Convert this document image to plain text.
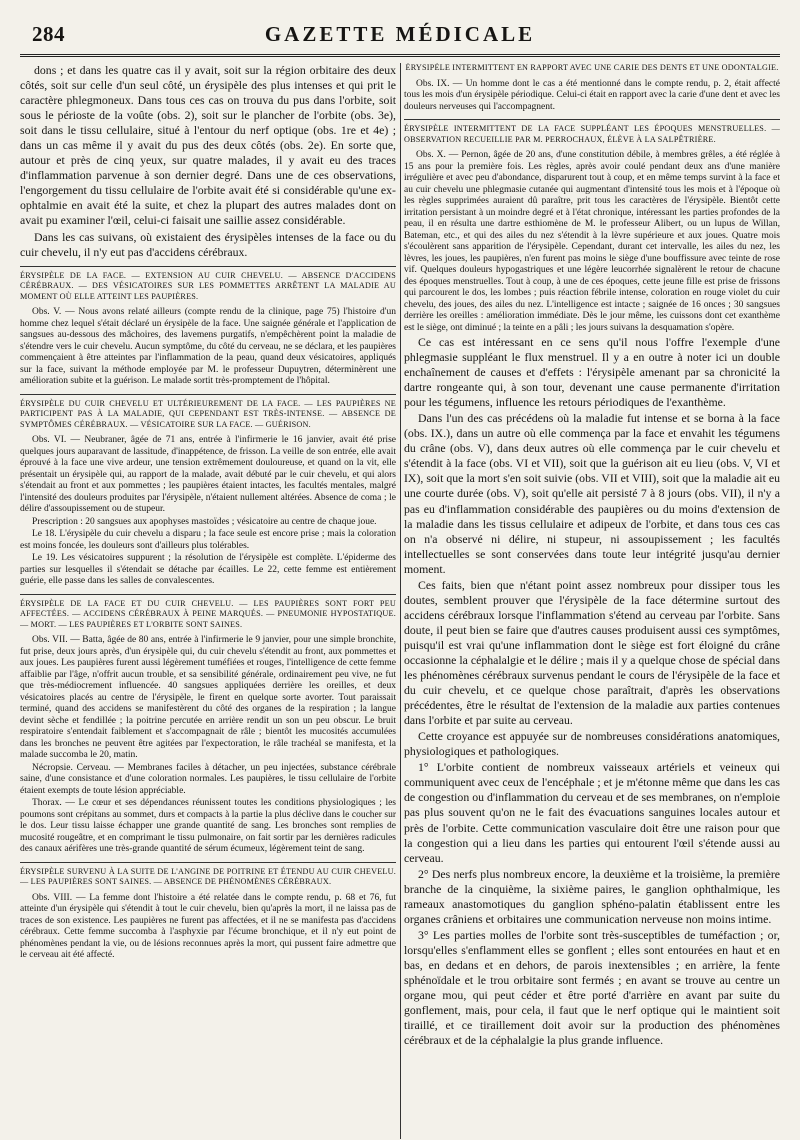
284	GAZETTE MÉDICALE

dons ; et dans les quatre cas il y avait, soit sur la région orbitaire des deux côtés, soit sur celle d'un seul côté, un érysipèle des plus intenses et qui prit le caractère phlegmoneux. Dans tous ces cas on trouva du pus dans l'orbite, soit sous le périoste de la voûte (obs. 2), soit sur le plancher de l'orbite (obs. 3e), soit dans le tissu cellulaire, situé à l'entour du nerf optique (obs. 1re et 4e) ; dans un cas même il y avait du pus des deux côtés (obs. 2e). En sorte que, autour et près de cinq yeux, sur quatre malades, il y avait eu des traces d'inflammation parvenue à son dernier degré. Dans une de ces observations, l'engorgement du tissu cellulaire de l'orbite avait été si considérable qu'une ex-ophtalmie en avait été la suite, et chez la plupart des autres malades dont on avait pu examiner l'œil, celui-ci faisait une saillie assez considérable.

Dans les cas suivans, où existaient des érysipèles intenses de la face ou du cuir chevelu, il n'y eut pas d'accidens cérébraux.

ÉRYSIPÈLE DE LA FACE. — EXTENSION AU CUIR CHEVELU. — ABSENCE D'ACCIDENS CÉRÉBRAUX. — DES VÉSICATOIRES SUR LES POMMETTES ARRÊTENT LA MALADIE AU MOMENT OÙ ELLE ATTEINT LES PAUPIÈRES.

Obs. V. — Nous avons relaté ailleurs (compte rendu de la clinique, page 75) l'histoire d'un homme chez lequel s'était déclaré un érysipèle de la face. Une saignée générale et l'application de sangsues au-dessous des mâchoires, des lavemens purgatifs, n'empêchèrent point la maladie de s'étendre vers le cuir chevelu. Aucun symptôme, du côté du cerveau, ne se déclara, et les paupières commençaient à être atteintes par l'inflammation de la peau, quand deux vésicatoires, appliqués sur la face, suivant la méthode employée par M. le professeur Dupuytren, déterminèrent une amélioration subite et la guérison. Le malade sortit très-promptement de l'hôpital.

ÉRYSIPÈLE DU CUIR CHEVELU ET ULTÉRIEUREMENT DE LA FACE. — LES PAUPIÈRES NE PARTICIPENT PAS À LA MALADIE, QUI CEPENDANT EST TRÈS-INTENSE. — ABSENCE DE SYMPTÔMES CÉRÉBRAUX. — VÉSICATOIRE SUR LA FACE. — GUÉRISON.

Obs. VI. — Neubraner, âgée de 71 ans, entrée à l'infirmerie le 16 janvier, avait été prise quelques jours auparavant de lassitude, d'inappétence, de frisson. La veille de son entrée, elle avait éprouvé à la face une vive ardeur, une tension extrêmement douloureuse, et quand on la vit, elle présentait un érysipèle qui, au rapport de la malade, avait débuté par le cuir chevelu, et qui alors s'étendait au front et aux pommettes ; les paupières étaient intactes, les facultés mentales, malgré l'intensité des douleurs produites par l'érysipèle, n'étaient nullement altérées. Absence de coma ; le délire d'assoupissement ou de stupeur.

Prescription : 20 sangsues aux apophyses mastoïdes ; vésicatoire au centre de chaque joue.

Le 18. L'érysipèle du cuir chevelu a disparu ; la face seule est encore prise ; mais la coloration est moins foncée, les douleurs sont d'ailleurs plus tolérables.

Le 19. Les vésicatoires suppurent ; la résolution de l'érysipèle est complète. L'épiderme des parties sur lesquelles il s'étendait se détache par écailles. Le 22, cette femme est entièrement guérie, elle passe dans les salles de convalescentes.

ÉRYSIPÈLE DE LA FACE ET DU CUIR CHEVELU. — LES PAUPIÈRES SONT FORT PEU AFFECTÉES. — ACCIDENS CÉRÉBRAUX À PEINE MARQUÉS. — PNEUMONIE HYPOSTATIQUE. — MORT. — LES PAUPIÈRES ET L'ORBITE SONT SAINES.

Obs. VII. — Batta, âgée de 80 ans, entrée à l'infirmerie le 9 janvier, pour une simple bronchite, fut prise, deux jours après, d'un érysipèle qui, du cuir chevelu s'étendit au front, aux pommettes et aux joues. Les paupières furent aussi légèrement tuméfiées et rouges, l'intelligence de cette femme affaiblie par l'âge, n'offrit aucun trouble, et sa sensibilité générale, ordinairement peu vive, ne fut que très-médiocrement influencée. 40 sangsues appliquées derrière les oreilles, et deux vésicatoires placés au centre de l'érysipèle, le firent en quelque sorte avorter. Tout paraissait terminé, quand des accidens se manifestèrent du côté des organes de la respiration ; la langue devint sèche et fendillée ; la poitrine percutée en arrière rendit un son un peu obscur. Le bruit respiratoire s'entendait faiblement et s'accompagnait de râle ; bientôt les mucosités accumulées dans les bronches ne peuvent être agitées par l'expectoration, le râle trachéal se manifesta, et la malade succomba le 20, matin.

Nécropsie. Cerveau. — Membranes faciles à détacher, un peu injectées, substance cérébrale saine, d'une consistance et d'une coloration normales. Les paupières, le tissu cellulaire de l'orbite étaient exempts de toute lésion appréciable.

Thorax. — Le cœur et ses dépendances réunissent toutes les conditions physiologiques ; les poumons sont crépitans au sommet, durs et compacts à la partie la plus déclive dans le coucher sur le dos. Leur tissu laisse échapper une grande quantité de sang. Les bronches sont remplies de mucosité rougeâtre, et en comprimant le tissu pulmonaire, on fait sortir par les dernières radicules des canaux aérifères une très-grande quantité de sérum écumeux, légèrement teint de sang.

ÉRYSIPÈLE SURVENU À LA SUITE DE L'ANGINE DE POITRINE ET ÉTENDU AU CUIR CHEVELU. — LES PAUPIÈRES SONT SAINES. — ABSENCE DE PHÉNOMÈNES CÉRÉBRAUX.

Obs. VIII. — La femme dont l'histoire a été relatée dans le compte rendu, p. 68 et 76, fut atteinte d'un érysipèle qui s'étendit à tout le cuir chevelu, bien qu'après la mort, il ne laissa pas de traces de son existence. Les paupières ne furent pas affectées, et il ne se manifesta pas d'accidens cérébraux. Cette femme succomba à l'asphyxie par l'écume bronchique, et il n'y eut point de phénomènes pendant la vie, ou de lésions reconnues après la mort, qui pussent faire admettre que le cerveau ait été affecté.

ÉRYSIPÈLE INTERMITTENT EN RAPPORT AVEC UNE CARIE DES DENTS ET UNE ODONTALGIE.

Obs. IX. — Un homme dont le cas a été mentionné dans le compte rendu, p. 2, était affecté tous les mois d'un érysipèle périodique. Celui-ci était en rapport avec la carie d'une dent et avec les douleurs nerveuses qui l'accompagnent.

ÉRYSIPÈLE INTERMITTENT DE LA FACE SUPPLÉANT LES ÉPOQUES MENSTRUELLES. — OBSERVATION RECUEILLIE PAR M. PERROCHAUX, ÉLÈVE À LA SALPÊTRIÈRE.

Obs. X. — Pernon, âgée de 20 ans, d'une constitution débile, à membres grêles, a été réglée à 15 ans pour la première fois. Les règles, après avoir coulé pendant deux ans d'une manière irrégulière et avec peu d'abondance, disparurent tout à coup, et en même temps survint à la face et au cuir chevelu une phlegmasie cutanée qui augmentant d'intensité tous les mois et à l'époque où les règles supprimées auraient dû paraître, prit tous les caractères de l'érysipèle. Bientôt cette irritation persistant à un moindre degré et à l'état chronique, intéressant les parties profondes de la peau, il en résulta une dartre esthiomène de M. le professeur Alibert, ou un lupus de Willan, Bateman, etc., et qui des ailes du nez s'étendit à la lèvre supérieure et aux joues. Quatre mois s'écoulèrent sans apparition de l'érysipèle. Cependant, durant cet intervalle, les ailes du nez, les lèvres, les joues, les paupières, n'en furent pas moins le siège d'une bouffissure avec teinte de rose vif. Quelques douleurs hypogastriques et une légère leucorrhée signalèrent le retour de chacune des époques menstruelles. Tout à coup, à une de ces époques, cette jeune fille est prise de frissons qui parcourent le dos, les lombes ; puis réaction fébrile intense, coloration en rouge violet du cuir chevelu, des joues, des ailes du nez. L'intelligence est intacte ; saignée de 16 onces ; 30 sangsues derrière les oreilles : amélioration immédiate. Dès le jour même, les cuissons dont cet exanthème est le siège, ont diminué ; la teinte en a pâli ; les jours suivans la desquamation s'opère.

Ce cas est intéressant en ce sens qu'il nous l'offre l'exemple d'une phlegmasie suppléant le flux menstruel. Il y a en outre à noter ici un double enchaînement de causes et d'effets : l'érysipèle amenant par sa chronicité la dartre rongeante qui, à son tour, devenant une cause permanente d'irritation pour les tégumens, influence les retours périodiques de l'exanthème.

Dans l'un des cas précédens où la maladie fut intense et se borna à la face (obs. IX.), dans un autre où elle commença par la face et envahit les tégumens du crâne (obs. V), dans deux autres où elle commença par le cuir chevelu et s'étendit à la face (obs. VI et VII), soit que la guérison ait eu lieu (obs. V, VI et IX), soit que la mort s'en soit suivie (obs. VII et VIII), soit que la maladie ait eu une courte durée (obs. V), soit qu'elle ait persisté 7 à 8 jours (obs. VII), il n'y a pas eu d'inflammation considérable des paupières ou du moins d'extension de la maladie dans les tissus cellulaire et adipeux de l'orbite, et dans tous ces cas on n'a observé ni délire, ni stupeur, ni assoupissement ; les facultés intellectuelles se sont conservées dans toute leur intégrité jusqu'au dernier moment.

Ces faits, bien que n'étant point assez nombreux pour dissiper tous les doutes, semblent prouver que l'érysipèle de la face détermine surtout des accidens cérébraux lorsque l'inflammation s'étend au cerveau par l'orbite. Sans doute, il peut bien se faire que d'autres causes produisent aussi ces symptômes, puisqu'il est vrai qu'une inflammation dont le siège est fort éloigné du crâne occasionne la céphalalgie et le délire ; mais il y a quelque chose de spécial dans les phénomènes cérébraux survenus pendant le cours de l'érysipèle de la face et du cuir chevelu, et ce quelque chose paraîtrait, d'après les observations précédentes, être le résultat de l'extension de la maladie aux parties contenues dans l'orbite et par suite au cerveau.

Cette croyance est appuyée sur de nombreuses considérations anatomiques, physiologiques et pathologiques.

1° L'orbite contient de nombreux vaisseaux artériels et veineux qui communiquent avec ceux de l'encéphale ; et je m'étonne même que dans les cas de congestion ou d'inflammation du cerveau et de ses membranes, on n'emploie pas plus souvent qu'on ne le fait des évacuations sanguines locales autour et près de l'orbite. Cette communication vasculaire doit être une raison pour que la congestion qui a lieu dans les parties qui entourent l'œil s'étende aussi au cerveau.

2° Des nerfs plus nombreux encore, la deuxième et la troisième, la première branche de la cinquième, la sixième paires, le ganglion ophthalmique, les rameaux anastomotiques du ganglion sphéno-palatin établissent entre les organes crâniens et orbitaires une communication nerveuse non moins intime.

3° Les parties molles de l'orbite sont très-susceptibles de tuméfaction ; or, lorsqu'elles s'enflamment elles se gonflent ; elles sont entourées en haut et en bas, en dedans et en dehors, de parois inextensibles ; en arrière, la fente sphénoïdale et le trou orbitaire sont fermés ; en avant se trouve au centre un organe mou, qui peut céder et être porté d'arrière en avant par suite du gonflement, mais, pour cela, il faut que le nerf optique qui le maintient soit tiraillé, et ce tiraillement doit avoir sur la production des phénomènes cérébraux et de la céphalalgie la plus grande influence.
